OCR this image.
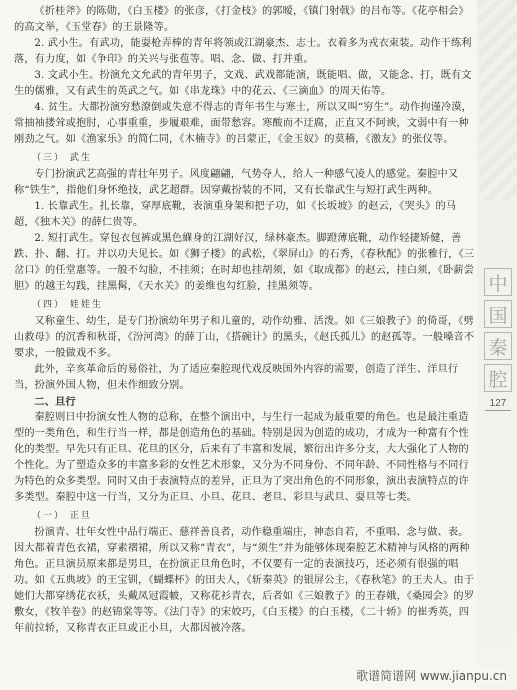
《折桂斧》的陈勋，《白玉楼》的张彦，《打金枝》的郭暧，《镇门射戟》的吕布等。《花亭相会》的高文举，《玉堂春》的王景隆等。

2. 武小生。有武功，能耍枪弄棒的青年将领或江湖豪杰、志士。衣着多为戎衣束装。动作干练利落，有力度，如《争印》的关兴与张苞等。唱、念、做、打并重。

3. 文武小生。扮演允文允武的青年男子，文戏、武戏都能演，既能唱、做，又能念、打，既有文生的儒雅，又有武生的英武之气。如《串龙珠》中的花云、《三滴血》的周天佑等。

4. 贫生。大都扮演穷愁潦倒或失意不得志的青年书生与寒士，所以又叫“穷生”。动作拘谨冷漠，常抽袖搂耸或抱肘，心事重重，步履艰难，面带愁容。寒酸而不迂腐，正直又不阿谀，文弱中有一种刚劲之气。如《渔家乐》的简仁同，《木楠寺》的吕蒙正，《金玉奴》的莫稽，《激友》的张仪等。

（三） 武生

专门扮演武艺高强的青壮年男子。风度翩翩，气势夺人，给人一种感气凌人的感觉。秦腔中又称“铁生”，指他们身怀绝技，武艺超群。因穿戴扮装的不同，又有长靠武生与短打武生两种。

1. 长靠武生。扎长靠，穿厚底靴，表演重身架和把子功，如《长坂坡》的赵云，《哭头》的马超，《独木关》的薛仁贵等。

2. 短打武生。穿包衣包裤或黑色緥身的江湖好汉，绿林豪杰。脚蹬薄底靴，动作轻捷矫健，善跌、扑、翻、打。并以功夫见长。如《狮子楼》的武松，《翠屏山》的石秀，《春秋配》的张雅行，《三岔口》的任堂惠等。一般不勾脸，不挂须；在时却也挂胡须，如《取成都》的赵云，挂白须，《卧薪尝胆》的越王勾践，挂黑髯，《天水关》的姜维也勾红脸，挂黑须等。

（四） 娃娃生

又称童生、幼生，是专门扮演幼年男子和儿童的，动作幼雅、活泼。如《三娘教子》的倚哥，《劈山救母》的沉香和秋哥，《汾河湾》的薛丁山，《搭碗计》的黑头，《赵氏孤儿》的赵孤等。一般嗓音不要求，一般做戏不多。

此外，辛亥革命后的易俗社，为了适应秦腔现代戏反映国外内容的需要，创造了洋生、洋旦行当，扮演外国人物，但未作细致分别。

二、旦行

秦腔则日中扮演女性人物的总称，在整个演出中，与生行一起成为最重要的角色。也是最注重造型的一类角色，和生行当一样，都是创造角色的基础。特别是因为创造的成功，才成为一种富有个性化的类型。早先只有正旦、花旦的区分，后来有了丰富和发展，繁衍出许多分支，大大强化了人物的个性化。为了塑造众多的丰富多彩的女性艺术形象，又分为不同身份、不同年龄、不同性格与不同行为特色的众多类型。同时又由于表演特点的差异，正旦为了突出角色的不同形象，演出表演特点的许多类型。秦腔中这一行当，又分为正旦、小旦、花旦、老旦、彩旦与武旦、耍旦等七类。

（一） 正旦

扮演青、壮年女性中品行端正、慈祥善良者，动作稳重端庄，神态自若，不重唱、念与做、表。因大都着青色衣裙，穿素褶裙，所以又称“青衣”，与“须生”并为能够体现秦腔艺术精神与风格的两种角色。正旦演员原来都是男旦，在扮演正旦角色时，不仅要有一定的表演技巧，还必须有很强的唱功。如《五典坡》的王宝钏，《蝴蝶杯》的田夫人，《斩秦英》的银屏公主，《春秋笔》的王夫人。由于她们大都穿绣花衣袄，头戴凤冠霞帔，又称花衫青衣，后者如《三娘教子》的王春娥，《桑园会》的罗敷女，《牧羊卷》的赵锦棠等等。《法门寺》的宋姣巧，《白玉楼》的白玉楼，《二十轿》的崔秀英，四年前拉轿，又称青衣正旦或正小旦，大都因被冷落。

中
国
秦
腔
127
歌谱简谱网 www.jianpu.cn
